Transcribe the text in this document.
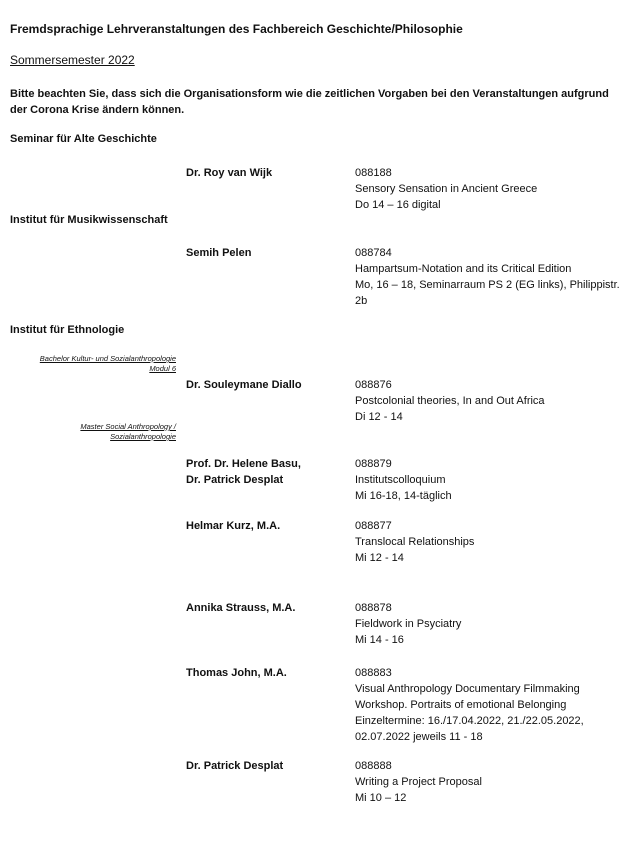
Fremdsprachige Lehrveranstaltungen des Fachbereich Geschichte/Philosophie
Sommersemester 2022
Bitte beachten Sie, dass sich die Organisationsform wie die zeitlichen Vorgaben bei den Veranstaltungen aufgrund der Corona Krise ändern können.
Seminar für Alte Geschichte
Dr. Roy van Wijk	088188
Sensory Sensation in Ancient Greece
Do 14 – 16 digital
Institut für Musikwissenschaft
Semih Pelen	088784
Hampartsum-Notation and its Critical Edition
Mo, 16 – 18, Seminarraum PS 2 (EG links), Philippistr. 2b
Institut für Ethnologie
Bachelor Kultur- und Sozialanthropologie
Modul 6
Dr. Souleymane Diallo	088876
Postcolonial theories, In and Out Africa
Di 12 - 14
Master Social Anthropology /
Sozialanthropologie
Prof. Dr. Helene Basu,
Dr. Patrick Desplat
088879
Institutscolloquium
Mi 16-18, 14-täglich
Helmar Kurz, M.A.	088877
Translocal Relationships
Mi 12 - 14
Annika Strauss, M.A.	088878
Fieldwork in Psyciatry
Mi 14 - 16
Thomas John, M.A.	088883
Visual Anthropology Documentary Filmmaking Workshop. Portraits of emotional Belonging
Einzeltermine: 16./17.04.2022, 21./22.05.2022, 02.07.2022 jeweils 11 - 18
Dr. Patrick Desplat	088888
Writing a Project Proposal
Mi 10 – 12
